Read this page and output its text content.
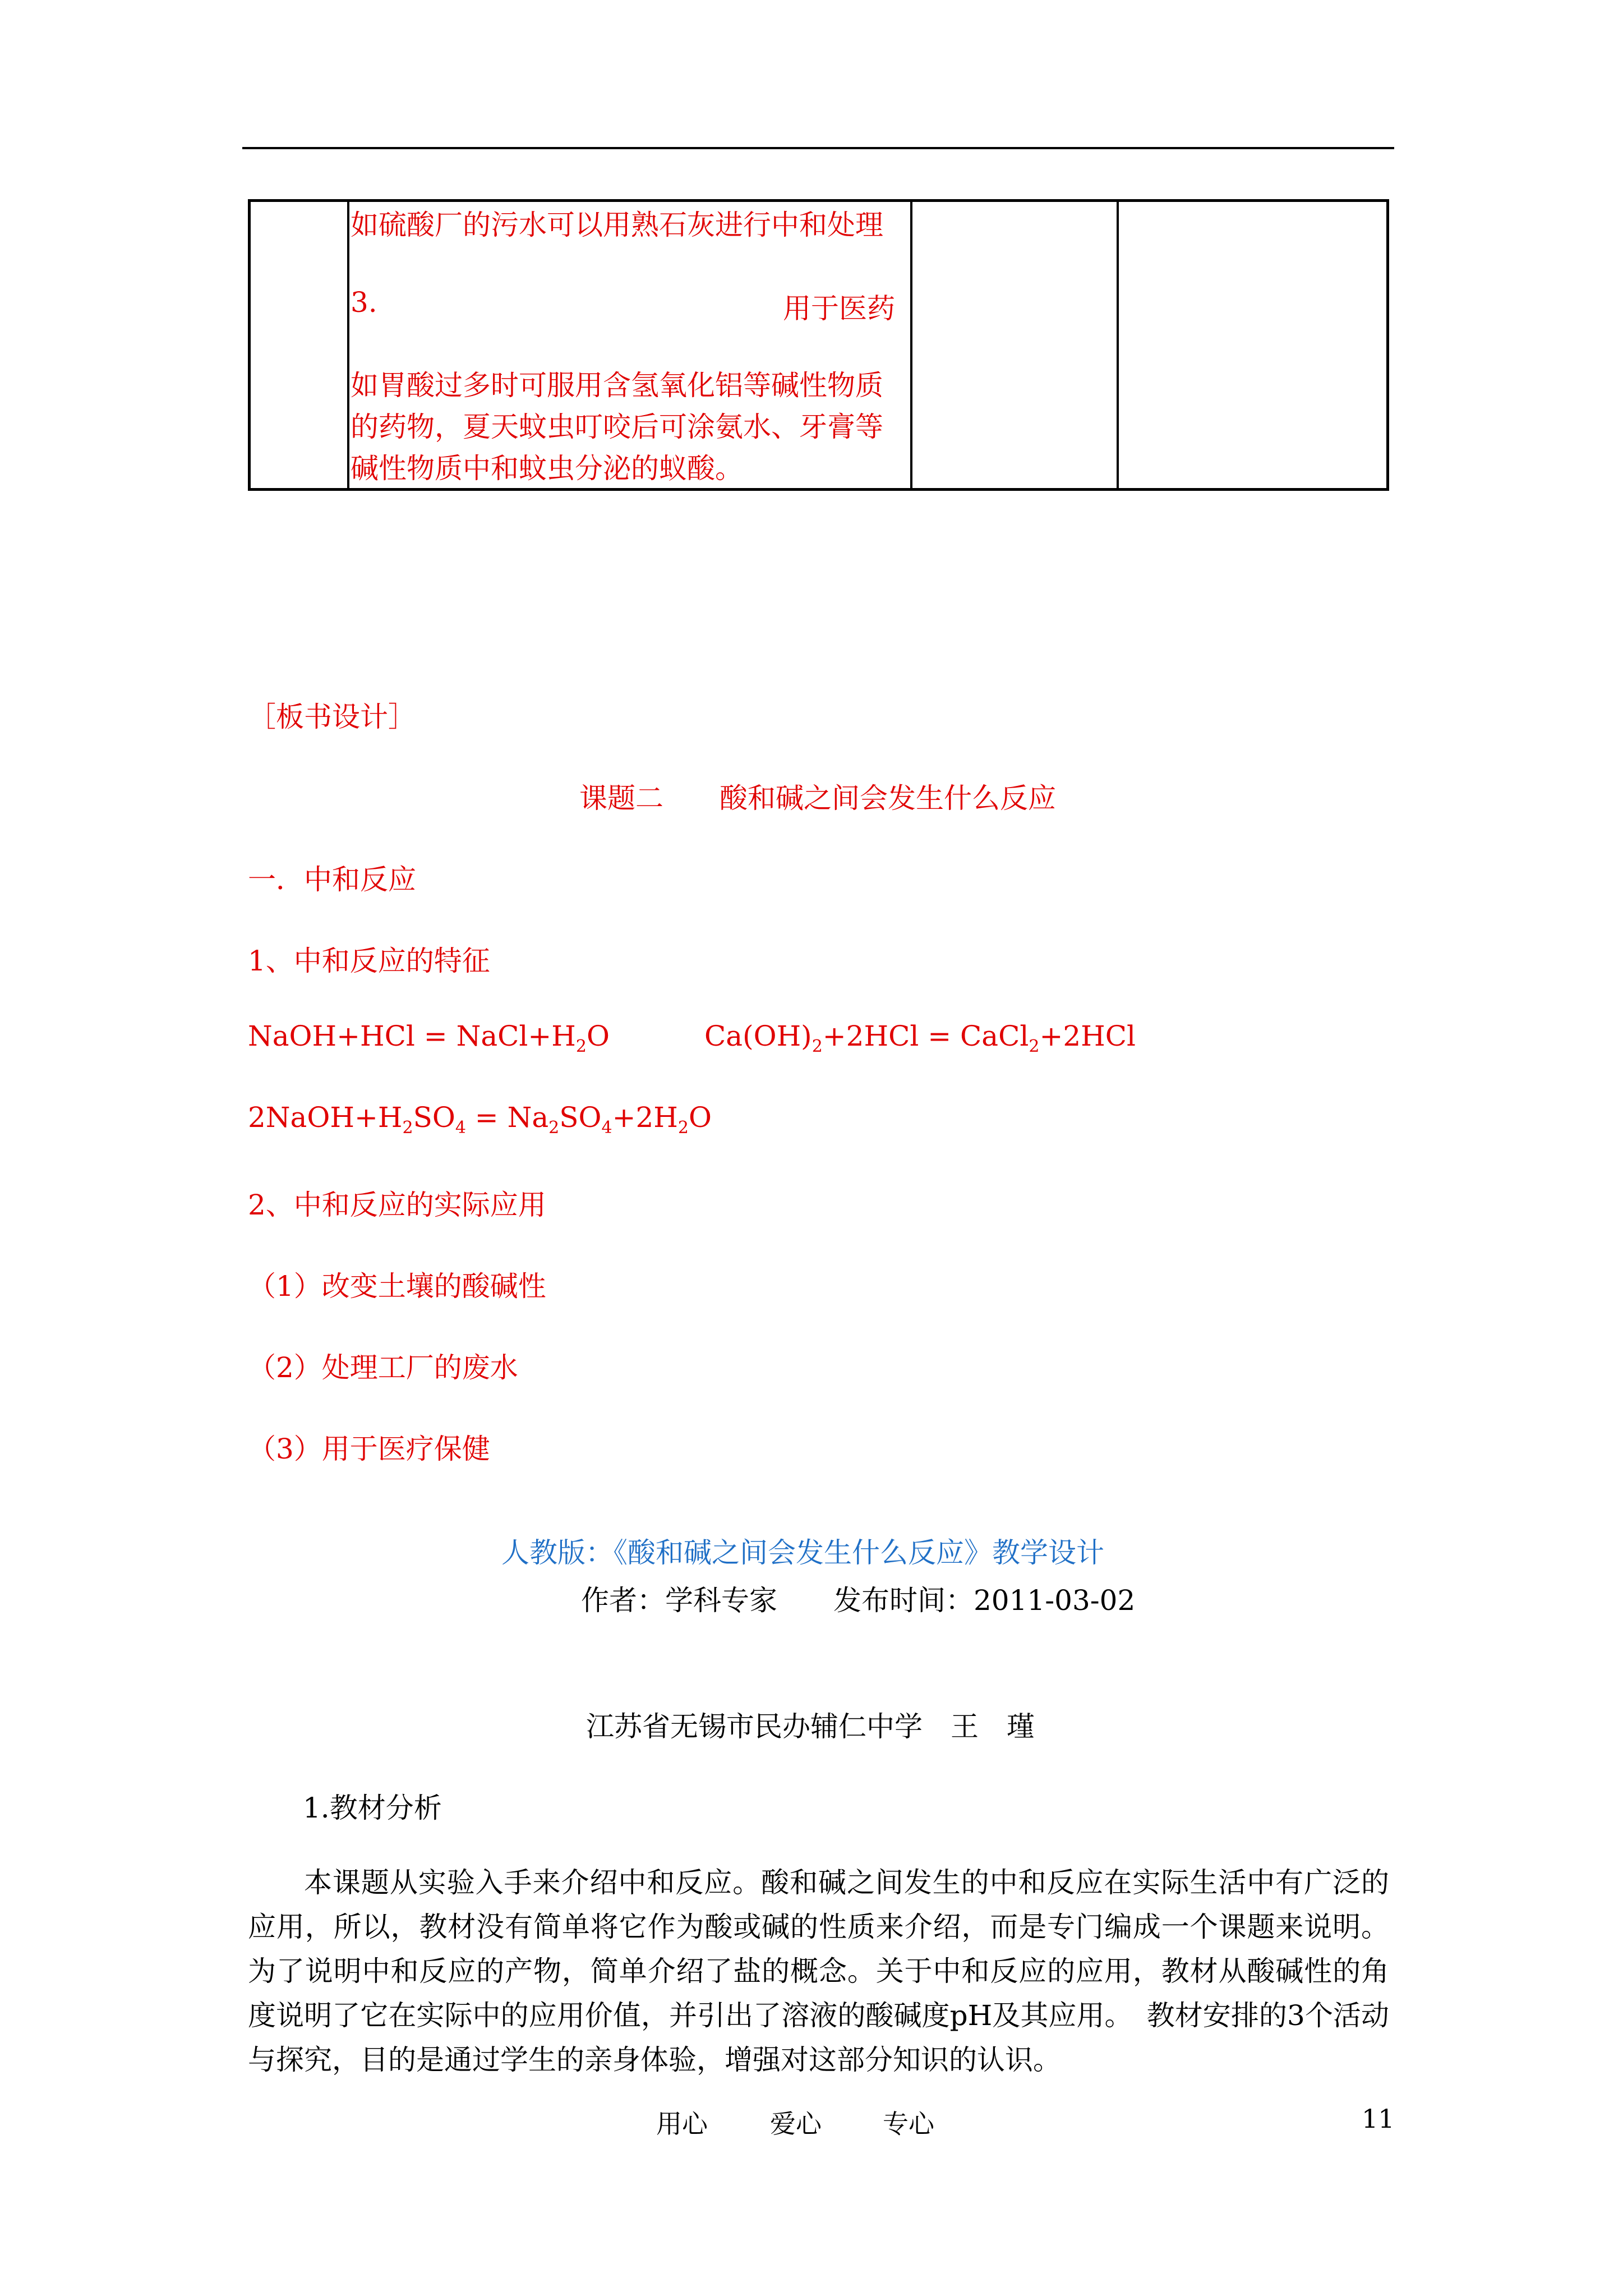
如硫酸厂的污水可以用熟石灰进行中和处理
3.	用于医药
如胃酸过多时可服用含氢氧化铝等碱性物质
的药物，夏天蚊虫叮咬后可涂氨水、牙膏等
碱性物质中和蚊虫分泌的蚁酸。
［板书设计］
课题二　　酸和碱之间会发生什么反应
一．中和反应
1、中和反应的特征
NaOH+HCl = $NaCl+H_2O$	$Ca(OH)_2+2HCl$ = CaCl$_2$+2HCl
$2NaOH+H_2SO_4 = Na_2SO_4+2H_2O$
2、中和反应的实际应用
（1）改变土壤的酸碱性
（2）处理工厂的废水
（3）用于医疗保健
人教版：《酸和碱之间会发生什么反应》教学设计
作者：学科专家　　发布时间：2011-03-02
江苏省无锡市民办辅仁中学　王　瑾
1.教材分析
本课题从实验入手来介绍中和反应。酸和碱之间发生的中和反应在实际生活中有广泛的应用，所以，教材没有简单将它作为酸或碱的性质来介绍，而是专门编成一个课题来说明。为了说明中和反应的产物，简单介绍了盐的概念。关于中和反应的应用，教材从酸碱性的角度说明了它在实际中的应用价值，并引出了溶液的酸碱度pH及其应用。　教材安排的3个活动与探究，目的是通过学生的亲身体验，增强对这部分知识的认识。
用心 爱心 专心	11
